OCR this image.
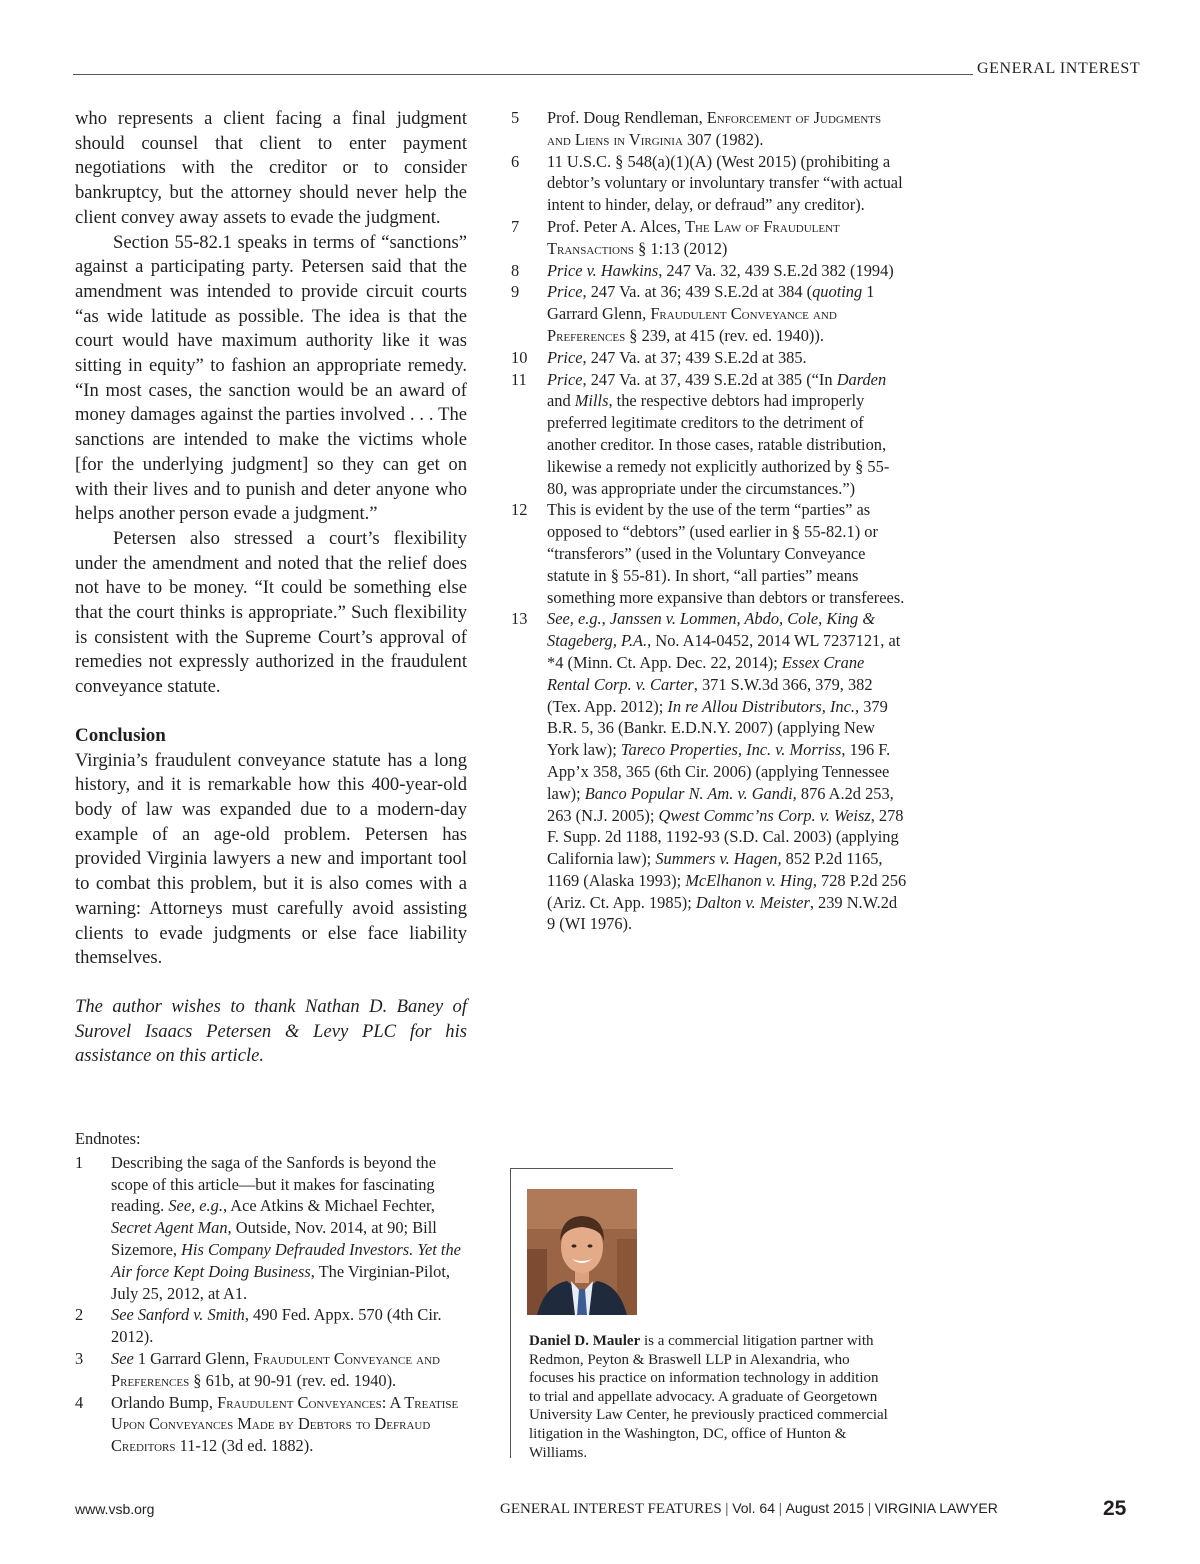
GENERAL INTEREST

who represents a client facing a final judgment should counsel that client to enter payment negotiations with the creditor or to consider bankruptcy, but the attorney should never help the client convey away assets to evade the judgment.

Section 55-82.1 speaks in terms of “sanctions” against a participating party. Petersen said that the amendment was intended to provide circuit courts “as wide latitude as possible. The idea is that the court would have maximum authority like it was sitting in equity” to fashion an appropriate remedy. “In most cases, the sanction would be an award of money damages against the parties involved . . . The sanctions are intended to make the victims whole [for the underlying judgment] so they can get on with their lives and to punish and deter anyone who helps another person evade a judgment.”

Petersen also stressed a court’s flexibility under the amendment and noted that the relief does not have to be money. “It could be something else that the court thinks is appropriate.” Such flexibility is consistent with the Supreme Court’s approval of remedies not expressly authorized in the fraudulent conveyance statute.

Conclusion

Virginia’s fraudulent conveyance statute has a long history, and it is remarkable how this 400-year-old body of law was expanded due to a modern-day example of an age-old problem. Petersen has provided Virginia lawyers a new and important tool to combat this problem, but it is also comes with a warning: Attorneys must carefully avoid assisting clients to evade judgments or else face liability themselves.

The author wishes to thank Nathan D. Baney of Surovel Isaacs Petersen & Levy PLC for his assistance on this article.

Endnotes:

1	Describing the saga of the Sanfords is beyond the scope of this article—but it makes for fascinating reading. See, e.g., Ace Atkins & Michael Fechter, Secret Agent Man, Outside, Nov. 2014, at 90; Bill Sizemore, His Company Defrauded Investors. Yet the Air force Kept Doing Business, The Virginian-Pilot, July 25, 2012, at A1.
2	See Sanford v. Smith, 490 Fed. Appx. 570 (4th Cir. 2012).
3	See 1 Garrard Glenn, Fraudulent Conveyance and Preferences § 61b, at 90-91 (rev. ed. 1940).
4	Orlando Bump, Fraudulent Conveyances: A Treatise Upon Conveyances Made by Debtors to Defraud Creditors 11-12 (3d ed. 1882).
5	Prof. Doug Rendleman, Enforcement of Judgments and Liens in Virginia 307 (1982).
6	11 U.S.C. § 548(a)(1)(A) (West 2015) (prohibiting a debtor’s voluntary or involuntary transfer “with actual intent to hinder, delay, or defraud” any creditor).
7	Prof. Peter A. Alces, The Law of Fraudulent Transactions § 1:13 (2012)
8	Price v. Hawkins, 247 Va. 32, 439 S.E.2d 382 (1994)
9	Price, 247 Va. at 36; 439 S.E.2d at 384 (quoting 1 Garrard Glenn, Fraudulent Conveyance and Preferences § 239, at 415 (rev. ed. 1940)).
10	Price, 247 Va. at 37; 439 S.E.2d at 385.
11	Price, 247 Va. at 37, 439 S.E.2d at 385 (“In Darden and Mills, the respective debtors had improperly preferred legitimate creditors to the detriment of another creditor. In those cases, ratable distribution, likewise a remedy not explicitly authorized by § 55-80, was appropriate under the circumstances.”)
12	This is evident by the use of the term “parties” as opposed to “debtors” (used earlier in § 55-82.1) or “transferors” (used in the Voluntary Conveyance statute in § 55-81). In short, “all parties” means something more expansive than debtors or transferees.
13	See, e.g., Janssen v. Lommen, Abdo, Cole, King & Stageberg, P.A., No. A14-0452, 2014 WL 7237121, at *4 (Minn. Ct. App. Dec. 22, 2014); Essex Crane Rental Corp. v. Carter, 371 S.W.3d 366, 379, 382 (Tex. App. 2012); In re Allou Distributors, Inc., 379 B.R. 5, 36 (Bankr. E.D.N.Y. 2007) (applying New York law); Tareco Properties, Inc. v. Morriss, 196 F. App’x 358, 365 (6th Cir. 2006) (applying Tennessee law); Banco Popular N. Am. v. Gandi, 876 A.2d 253, 263 (N.J. 2005); Qwest Commc’ns Corp. v. Weisz, 278 F. Supp. 2d 1188, 1192-93 (S.D. Cal. 2003) (applying California law); Summers v. Hagen, 852 P.2d 1165, 1169 (Alaska 1993); McElhanon v. Hing, 728 P.2d 256 (Ariz. Ct. App. 1985); Dalton v. Meister, 239 N.W.2d 9 (WI 1976).
Daniel D. Mauler is a commercial litigation partner with Redmon, Peyton & Braswell LLP in Alexandria, who focuses his practice on information technology in addition to trial and appellate advocacy. A graduate of Georgetown University Law Center, he previously practiced commercial litigation in the Washington, DC, office of Hunton & Williams.
www.vsb.org	GENERAL INTEREST FEATURES | Vol. 64 | August 2015 | VIRGINIA LAWYER	25
